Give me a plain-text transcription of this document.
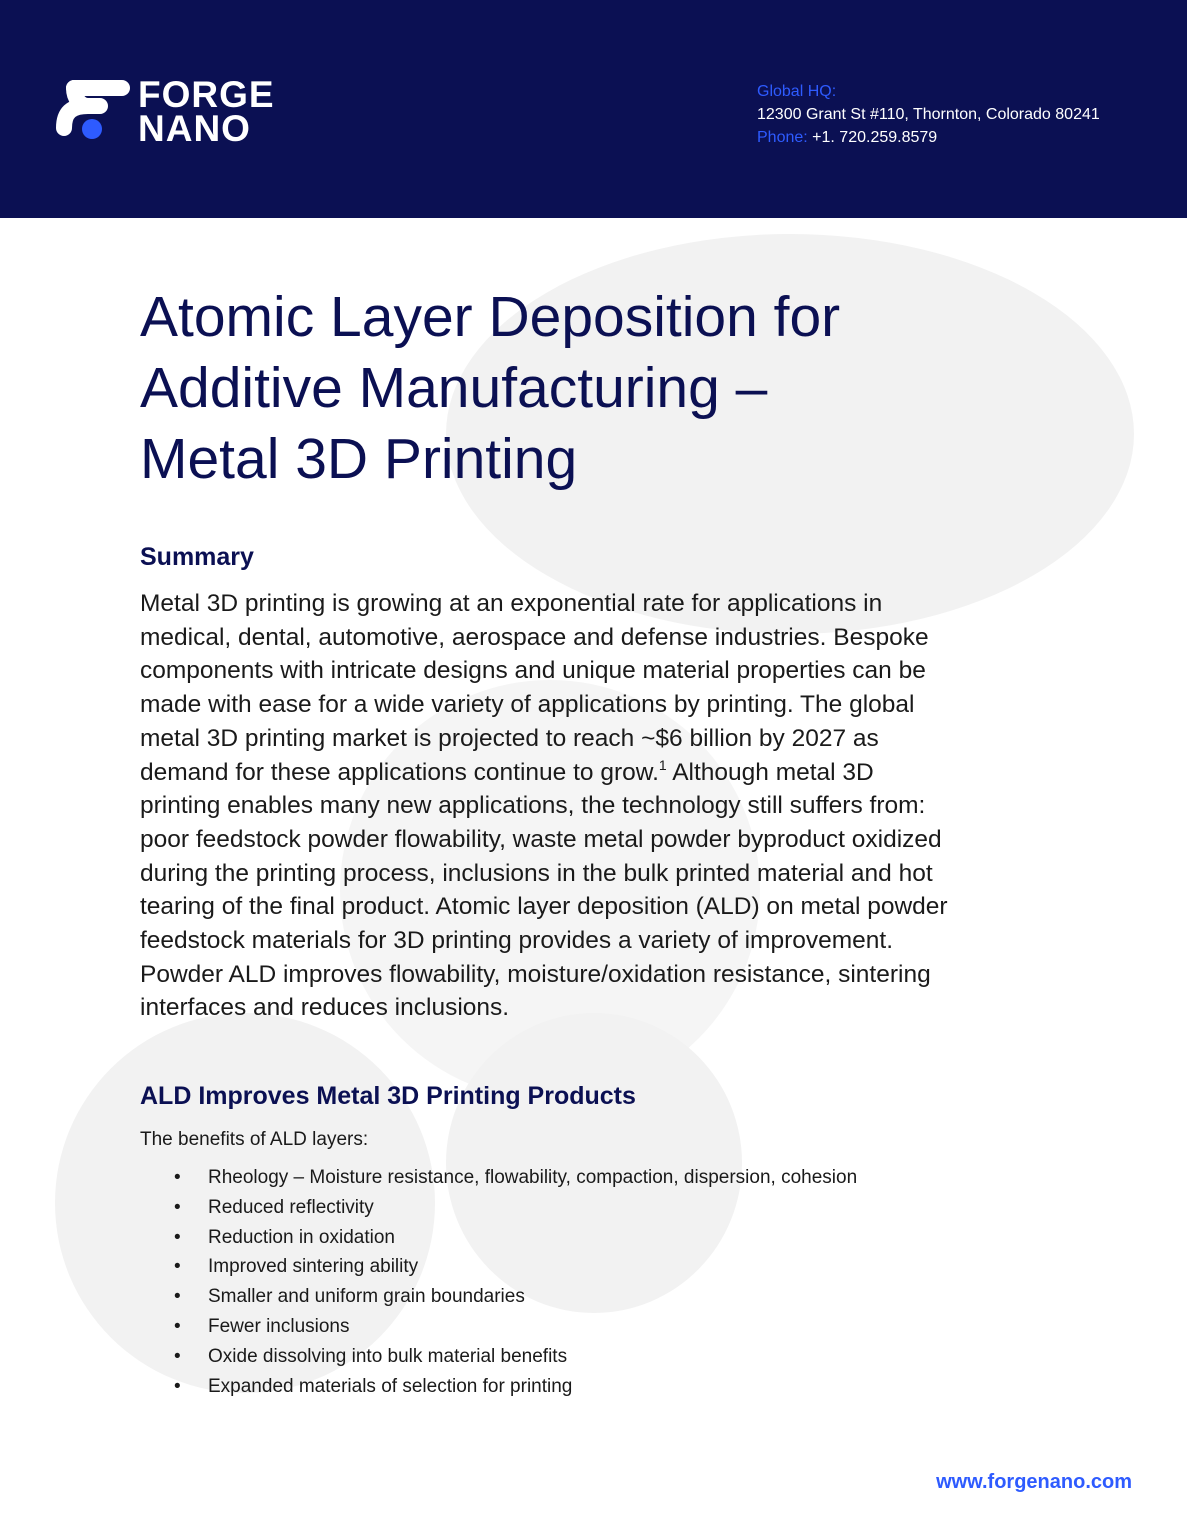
FORGE
NANO
Global HQ:
12300 Grant St #110, Thornton, Colorado 80241
Phone: +1. 720.259.8579
Atomic Layer Deposition for
Additive Manufacturing –
Metal 3D Printing
Summary

Metal 3D printing is growing at an exponential rate for applications in
medical, dental, automotive, aerospace and defense industries. Bespoke
components with intricate designs and unique material properties can be
made with ease for a wide variety of applications by printing. The global
metal 3D printing market is projected to reach ~$6 billion by 2027 as
demand for these applications continue to grow.$^1$ Although metal 3D
printing enables many new applications, the technology still suffers from:
poor feedstock powder flowability, waste metal powder byproduct oxidized
during the printing process, inclusions in the bulk printed material and hot
tearing of the final product. Atomic layer deposition (ALD) on metal powder
feedstock materials for 3D printing provides a variety of improvement.
Powder ALD improves flowability, moisture/oxidation resistance, sintering
interfaces and reduces inclusions.

ALD Improves Metal 3D Printing Products

The benefits of ALD layers:

• Rheology – Moisture resistance, flowability, compaction, dispersion, cohesion
• Reduced reflectivity
• Reduction in oxidation
• Improved sintering ability
• Smaller and uniform grain boundaries
• Fewer inclusions
• Oxide dissolving into bulk material benefits
• Expanded materials of selection for printing
www.forgenano.com
